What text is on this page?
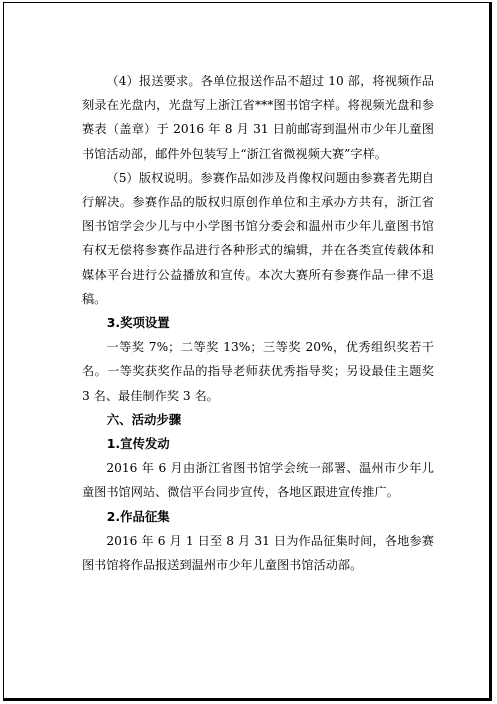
（4）报送要求。各单位报送作品不超过 10 部，将视频作品刻录在光盘内，光盘写上浙江省***图书馆字样。将视频光盘和参赛表（盖章）于 2016 年 8 月 31 日前邮寄到温州市少年儿童图书馆活动部，邮件外包装写上“浙江省微视频大赛”字样。

（5）版权说明。参赛作品如涉及肖像权问题由参赛者先期自行解决。参赛作品的版权归原创作单位和主承办方共有，浙江省图书馆学会少儿与中小学图书馆分委会和温州市少年儿童图书馆有权无偿将参赛作品进行各种形式的编辑，并在各类宣传载体和媒体平台进行公益播放和宣传。本次大赛所有参赛作品一律不退稿。

3.奖项设置

一等奖 7%；二等奖 13%；三等奖 20%，优秀组织奖若干名。一等奖获奖作品的指导老师获优秀指导奖；另设最佳主题奖 3 名、最佳制作奖 3 名。

六、活动步骤

1.宣传发动

2016 年 6 月由浙江省图书馆学会统一部署、温州市少年儿童图书馆网站、微信平台同步宣传，各地区跟进宣传推广。

2.作品征集

2016 年 6 月 1 日至 8 月 31 日为作品征集时间，各地参赛图书馆将作品报送到温州市少年儿童图书馆活动部。
